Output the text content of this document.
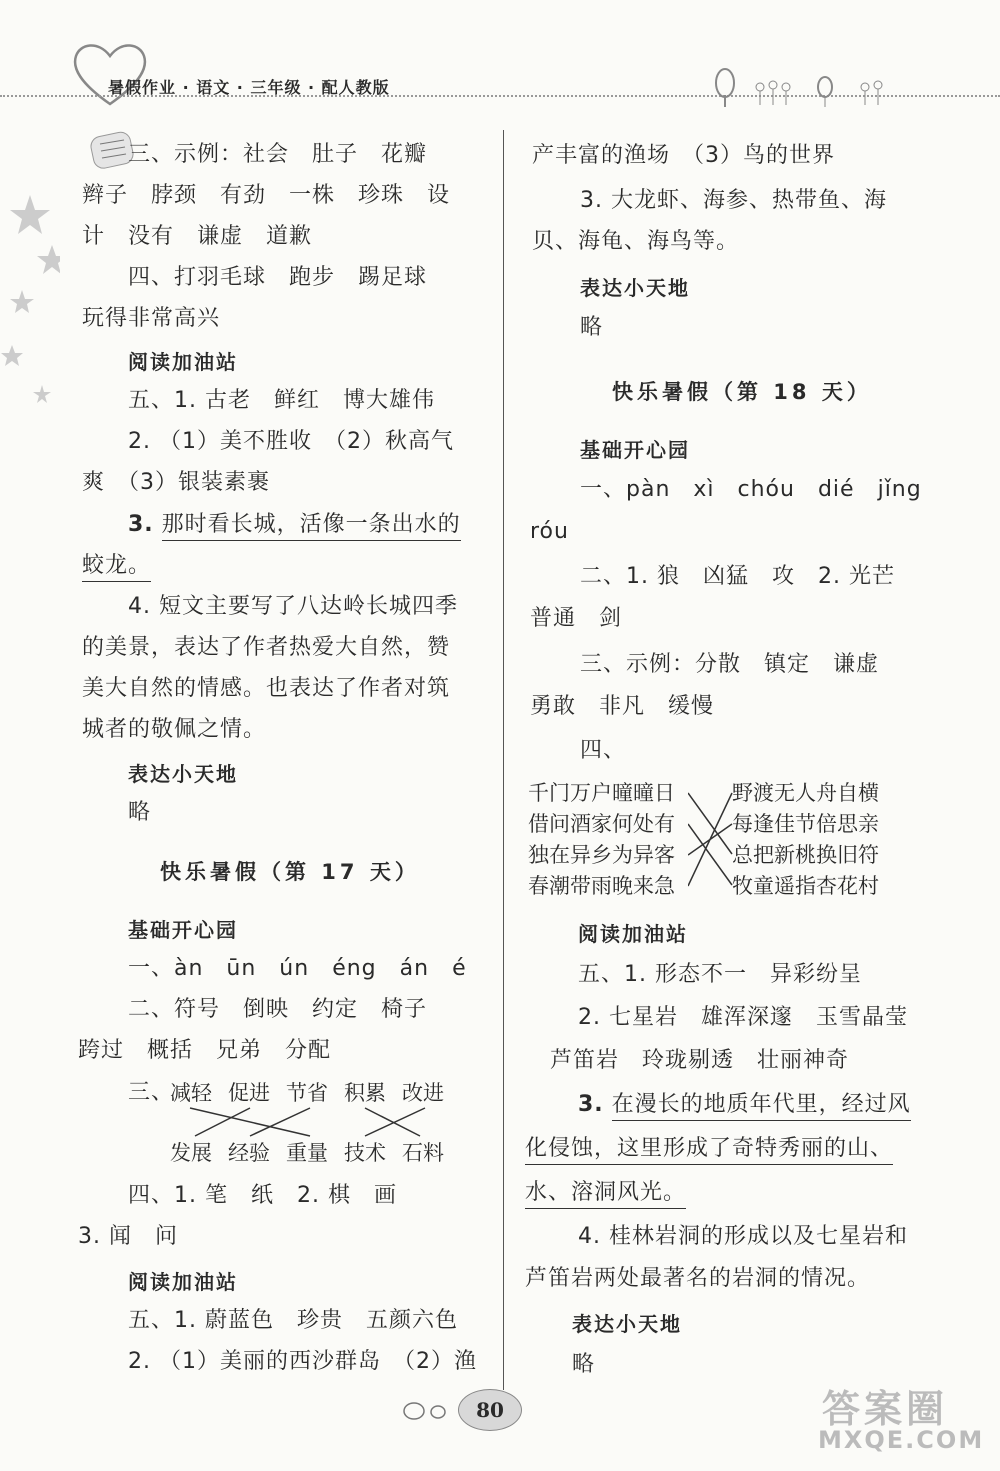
暑假作业 · 语文 · 三年级 · 配人教版
三、示例：社会　肚子　花瓣
辫子　脖颈　有劲　一株　珍珠　设
计　没有　谦虚　道歉
四、打羽毛球　跑步　踢足球
玩得非常高兴
阅读加油站
五、1. 古老　鲜红　博大雄伟
2. （1）美不胜收　（2）秋高气
爽　（3）银装素裹
3. 那时看长城，活像一条出水的
蛟龙。
4. 短文主要写了八达岭长城四季
的美景，表达了作者热爱大自然，赞
美大自然的情感。也表达了作者对筑
城者的敬佩之情。
表达小天地
略
快乐暑假（第 17 天）
基础开心园
一、àn　ūn　ún　éng　án　é
二、符号　倒映　约定　椅子
跨过　概括　兄弟　分配
三、
减轻 促进 节省 积累 改进
发展 经验 重量 技术 石料
四、1. 笔　纸　2. 棋　画
3. 闻　问
阅读加油站
五、1. 蔚蓝色　珍贵　五颜六色
2. （1）美丽的西沙群岛　（2）渔
产丰富的渔场　（3）鸟的世界
3. 大龙虾、海参、热带鱼、海
贝、海龟、海鸟等。
表达小天地
略
快乐暑假（第 18 天）
基础开心园
一、pàn　xì　chóu　dié　jǐng
róu
二、1. 狼　凶猛　攻　2. 光芒
普通　剑
三、示例：分散　镇定　谦虚
勇敢　非凡　缓慢
四、
千门万户曈曈日
借问酒家何处有
独在异乡为异客
春潮带雨晚来急
野渡无人舟自横
每逢佳节倍思亲
总把新桃换旧符
牧童遥指杏花村
阅读加油站
五、1. 形态不一　异彩纷呈
2. 七星岩　雄浑深邃　玉雪晶莹
芦笛岩　玲珑剔透　壮丽神奇
3. 在漫长的地质年代里，经过风
化侵蚀，这里形成了奇特秀丽的山、
水、溶洞风光。
4. 桂林岩洞的形成以及七星岩和
芦笛岩两处最著名的岩洞的情况。
表达小天地
略
80	答案圈
MXQE.COM
